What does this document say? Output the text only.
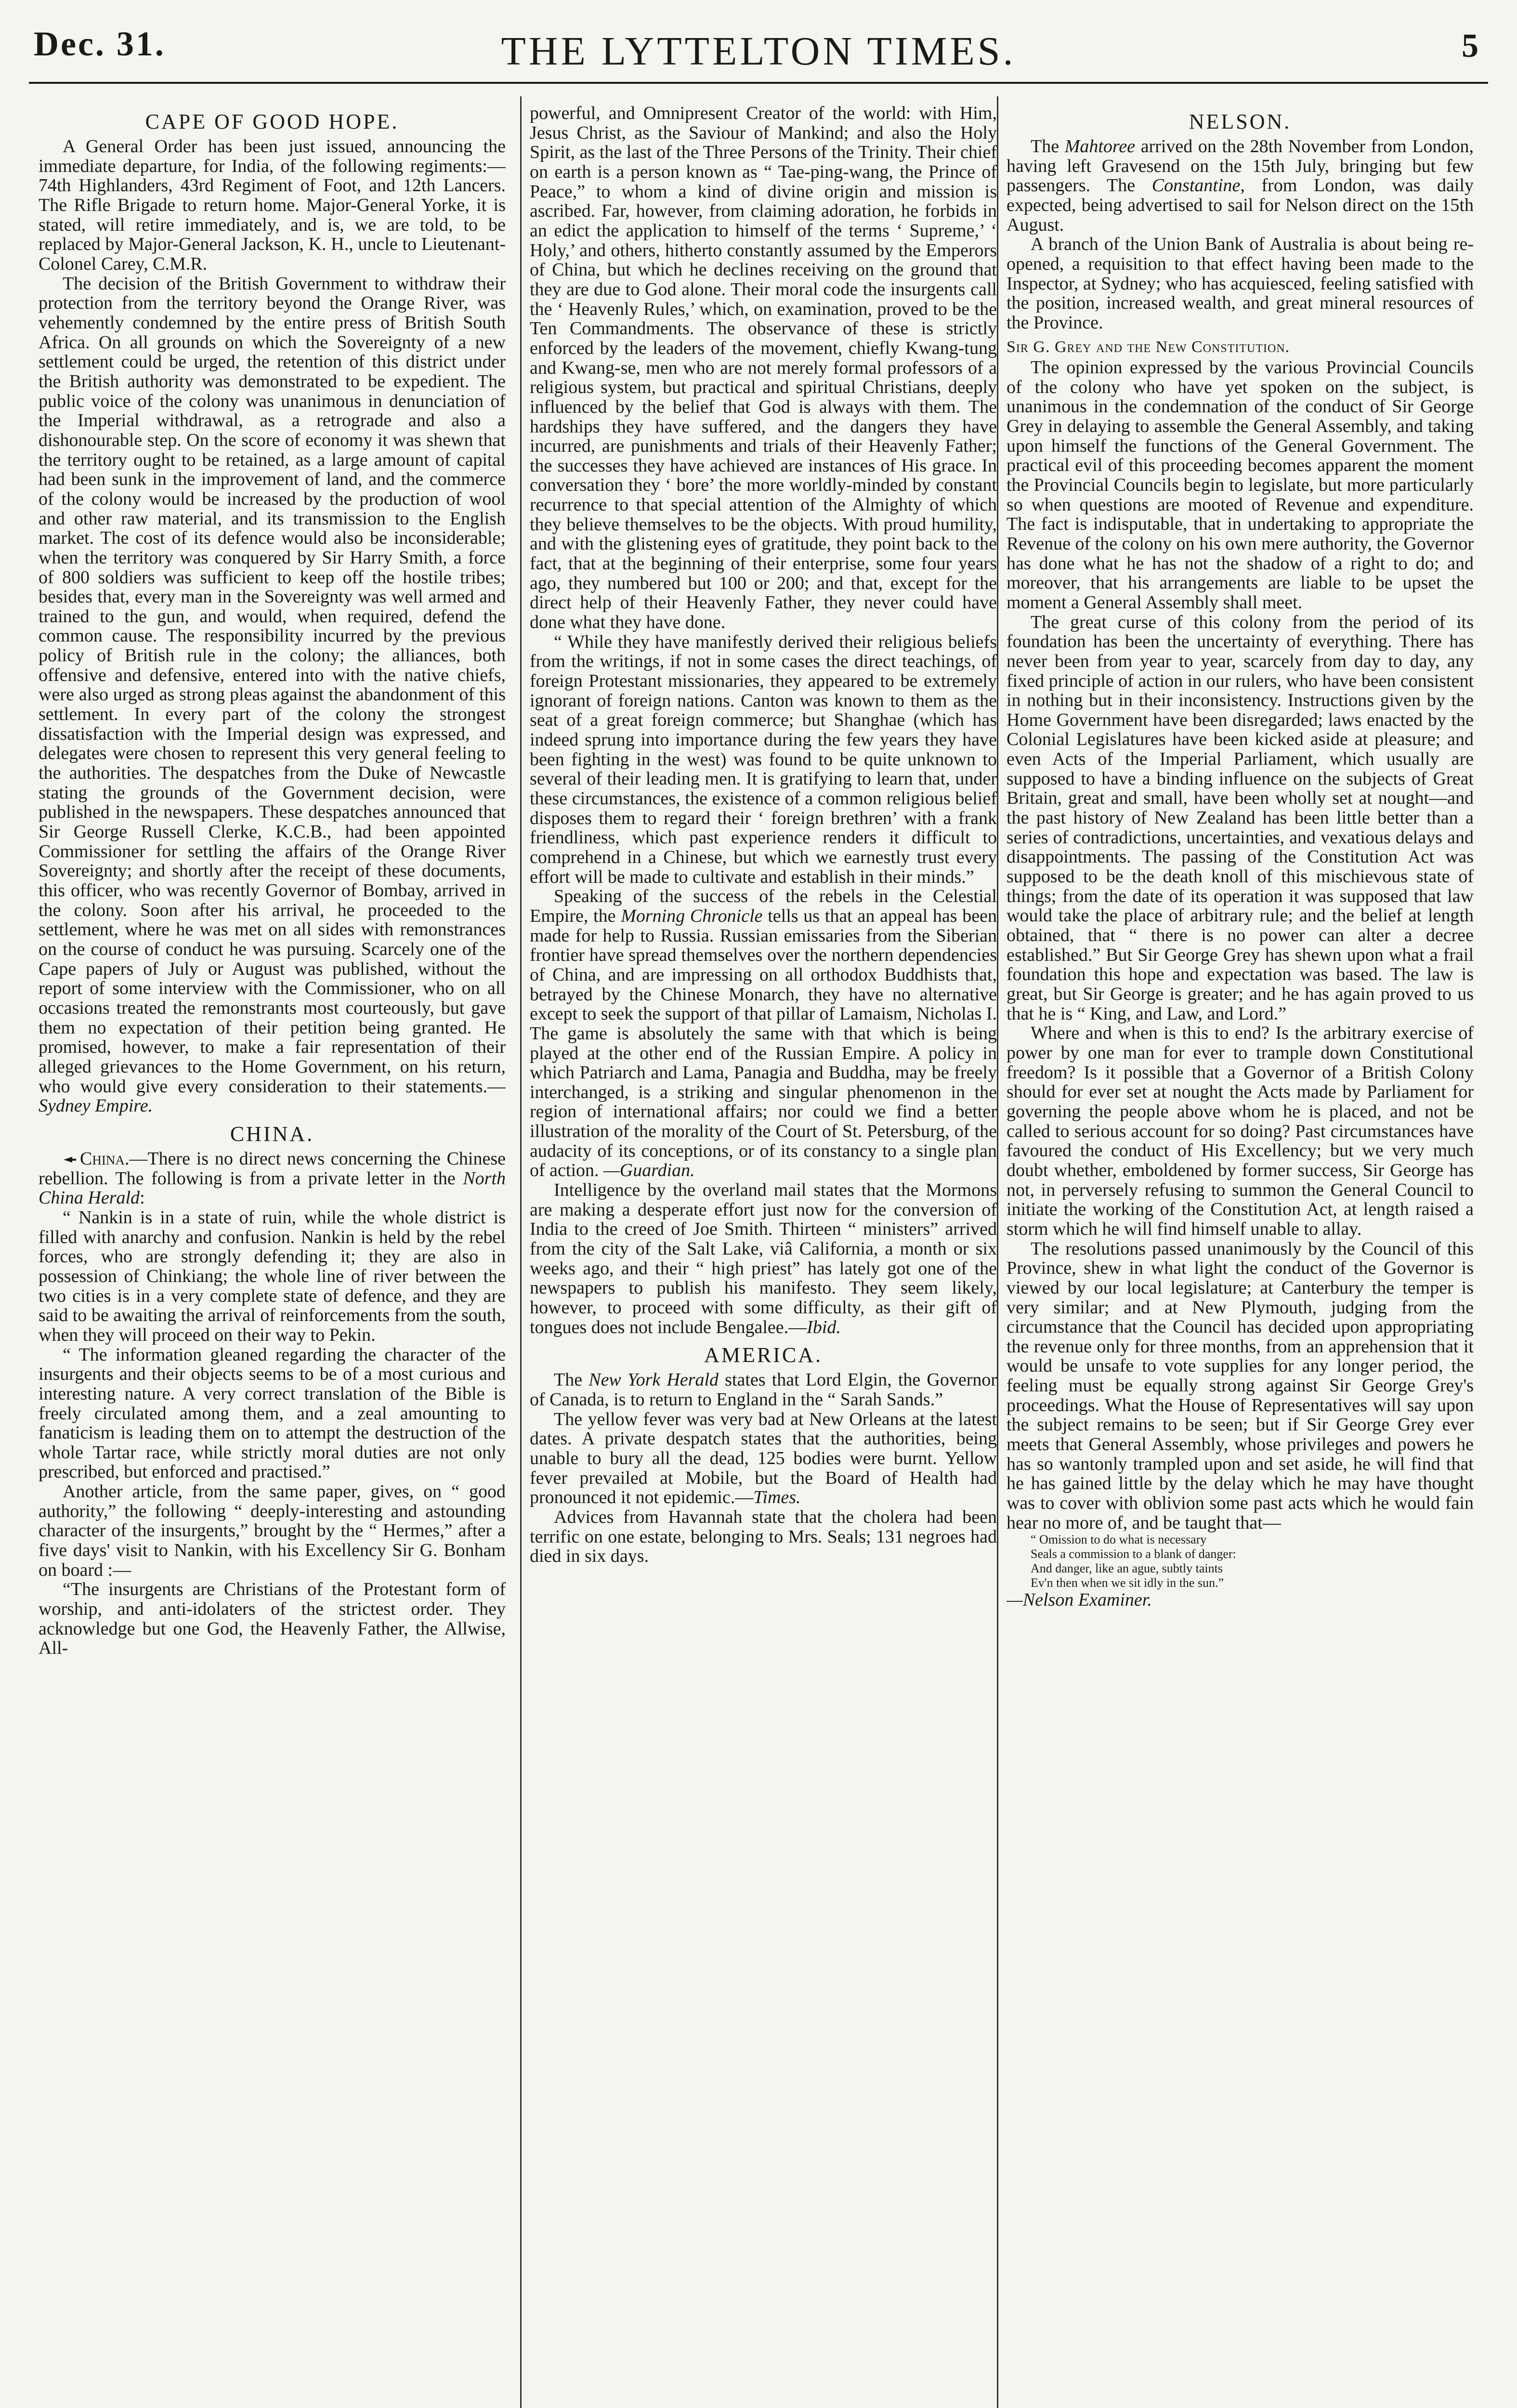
Dec. 31.	THE LYTTELTON TIMES.	5
CAPE OF GOOD HOPE.

A General Order has been just issued, announcing the immediate departure, for India, of the following regiments:—74th Highlanders, 43rd Regiment of Foot, and 12th Lancers. The Rifle Brigade to return home. Major-General Yorke, it is stated, will retire immediately, and is, we are told, to be replaced by Major-General Jackson, K. H., uncle to Lieutenant-Colonel Carey, C.M.R.

The decision of the British Government to withdraw their protection from the territory beyond the Orange River, was vehemently condemned by the entire press of British South Africa. On all grounds on which the Sovereignty of a new settlement could be urged, the retention of this district under the British authority was demonstrated to be expedient. The public voice of the colony was unanimous in denunciation of the Imperial withdrawal, as a retrograde and also a dishonourable step. On the score of economy it was shewn that the territory ought to be retained, as a large amount of capital had been sunk in the improvement of land, and the commerce of the colony would be increased by the production of wool and other raw material, and its transmission to the English market. The cost of its defence would also be inconsiderable; when the territory was conquered by Sir Harry Smith, a force of 800 soldiers was sufficient to keep off the hostile tribes; besides that, every man in the Sovereignty was well armed and trained to the gun, and would, when required, defend the common cause. The responsibility incurred by the previous policy of British rule in the colony; the alliances, both offensive and defensive, entered into with the native chiefs, were also urged as strong pleas against the abandonment of this settlement. In every part of the colony the strongest dissatisfaction with the Imperial design was expressed, and delegates were chosen to represent this very general feeling to the authorities. The despatches from the Duke of Newcastle stating the grounds of the Government decision, were published in the newspapers. These despatches announced that Sir George Russell Clerke, K.C.B., had been appointed Commissioner for settling the affairs of the Orange River Sovereignty; and shortly after the receipt of these documents, this officer, who was recently Governor of Bombay, arrived in the colony. Soon after his arrival, he proceeded to the settlement, where he was met on all sides with remonstrances on the course of conduct he was pursuing. Scarcely one of the Cape papers of July or August was published, without the report of some interview with the Commissioner, who on all occasions treated the remonstrants most courteously, but gave them no expectation of their petition being granted. He promised, however, to make a fair representation of their alleged grievances to the Home Government, on his return, who would give every consideration to their statements.— Sydney Empire.

CHINA.

China.—There is no direct news concerning the Chinese rebellion. The following is from a private letter in the North China Herald:

“ Nankin is in a state of ruin, while the whole district is filled with anarchy and confusion. Nankin is held by the rebel forces, who are strongly defending it; they are also in possession of Chinkiang; the whole line of river between the two cities is in a very complete state of defence, and they are said to be awaiting the arrival of reinforcements from the south, when they will proceed on their way to Pekin.

“ The information gleaned regarding the character of the insurgents and their objects seems to be of a most curious and interesting nature. A very correct translation of the Bible is freely circulated among them, and a zeal amounting to fanaticism is leading them on to attempt the destruction of the whole Tartar race, while strictly moral duties are not only prescribed, but enforced and practised.”

Another article, from the same paper, gives, on “ good authority,” the following “ deeply-interesting and astounding character of the insurgents,” brought by the “ Hermes,” after a five days' visit to Nankin, with his Excellency Sir G. Bonham on board :—

“The insurgents are Christians of the Protestant form of worship, and anti-idolaters of the strictest order. They acknowledge but one God, the Heavenly Father, the Allwise, All-

powerful, and Omnipresent Creator of the world: with Him, Jesus Christ, as the Saviour of Mankind; and also the Holy Spirit, as the last of the Three Persons of the Trinity. Their chief on earth is a person known as “ Tae-ping-wang, the Prince of Peace,” to whom a kind of divine origin and mission is ascribed. Far, however, from claiming adoration, he forbids in an edict the application to himself of the terms ‘ Supreme,’ ‘ Holy,’ and others, hitherto constantly assumed by the Emperors of China, but which he declines receiving on the ground that they are due to God alone. Their moral code the insurgents call the ‘ Heavenly Rules,’ which, on examination, proved to be the Ten Commandments. The observance of these is strictly enforced by the leaders of the movement, chiefly Kwang-tung and Kwang-se, men who are not merely formal professors of a religious system, but practical and spiritual Christians, deeply influenced by the belief that God is always with them. The hardships they have suffered, and the dangers they have incurred, are punishments and trials of their Heavenly Father; the successes they have achieved are instances of His grace. In conversation they ‘ bore’ the more worldly-minded by constant recurrence to that special attention of the Almighty of which they believe themselves to be the objects. With proud humility, and with the glistening eyes of gratitude, they point back to the fact, that at the beginning of their enterprise, some four years ago, they numbered but 100 or 200; and that, except for the direct help of their Heavenly Father, they never could have done what they have done.

“ While they have manifestly derived their religious beliefs from the writings, if not in some cases the direct teachings, of foreign Protestant missionaries, they appeared to be extremely ignorant of foreign nations. Canton was known to them as the seat of a great foreign commerce; but Shanghae (which has indeed sprung into importance during the few years they have been fighting in the west) was found to be quite unknown to several of their leading men. It is gratifying to learn that, under these circumstances, the existence of a common religious belief disposes them to regard their ‘ foreign brethren’ with a frank friendliness, which past experience renders it difficult to comprehend in a Chinese, but which we earnestly trust every effort will be made to cultivate and establish in their minds.”

Speaking of the success of the rebels in the Celestial Empire, the Morning Chronicle tells us that an appeal has been made for help to Russia. Russian emissaries from the Siberian frontier have spread themselves over the northern dependencies of China, and are impressing on all orthodox Buddhists that, betrayed by the Chinese Monarch, they have no alternative except to seek the support of that pillar of Lamaism, Nicholas I. The game is absolutely the same with that which is being played at the other end of the Russian Empire. A policy in which Patriarch and Lama, Panagia and Buddha, may be freely interchanged, is a striking and singular phenomenon in the region of international affairs; nor could we find a better illustration of the morality of the Court of St. Petersburg, of the audacity of its conceptions, or of its constancy to a single plan of action. —Guardian.

Intelligence by the overland mail states that the Mormons are making a desperate effort just now for the conversion of India to the creed of Joe Smith. Thirteen “ ministers” arrived from the city of the Salt Lake, viâ California, a month or six weeks ago, and their “ high priest” has lately got one of the newspapers to publish his manifesto. They seem likely, however, to proceed with some difficulty, as their gift of tongues does not include Bengalee.—Ibid.

AMERICA.

The New York Herald states that Lord Elgin, the Governor of Canada, is to return to England in the “ Sarah Sands.”

The yellow fever was very bad at New Orleans at the latest dates. A private despatch states that the authorities, being unable to bury all the dead, 125 bodies were burnt. Yellow fever prevailed at Mobile, but the Board of Health had pronounced it not epidemic.—Times.

Advices from Havannah state that the cholera had been terrific on one estate, belonging to Mrs. Seals; 131 negroes had died in six days.

NELSON.

The Mahtoree arrived on the 28th November from London, having left Gravesend on the 15th July, bringing but few passengers. The Constantine, from London, was daily expected, being advertised to sail for Nelson direct on the 15th August.

A branch of the Union Bank of Australia is about being re-opened, a requisition to that effect having been made to the Inspector, at Sydney; who has acquiesced, feeling satisfied with the position, increased wealth, and great mineral resources of the Province.

Sir G. Grey and the New Constitution.

The opinion expressed by the various Provincial Councils of the colony who have yet spoken on the subject, is unanimous in the condemnation of the conduct of Sir George Grey in delaying to assemble the General Assembly, and taking upon himself the functions of the General Government. The practical evil of this proceeding becomes apparent the moment the Provincial Councils begin to legislate, but more particularly so when questions are mooted of Revenue and expenditure. The fact is indisputable, that in undertaking to appropriate the Revenue of the colony on his own mere authority, the Governor has done what he has not the shadow of a right to do; and moreover, that his arrangements are liable to be upset the moment a General Assembly shall meet.

The great curse of this colony from the period of its foundation has been the uncertainty of everything. There has never been from year to year, scarcely from day to day, any fixed principle of action in our rulers, who have been consistent in nothing but in their inconsistency. Instructions given by the Home Government have been disregarded; laws enacted by the Colonial Legislatures have been kicked aside at pleasure; and even Acts of the Imperial Parliament, which usually are supposed to have a binding influence on the subjects of Great Britain, great and small, have been wholly set at nought—and the past history of New Zealand has been little better than a series of contradictions, uncertainties, and vexatious delays and disappointments. The passing of the Constitution Act was supposed to be the death knoll of this mischievous state of things; from the date of its operation it was supposed that law would take the place of arbitrary rule; and the belief at length obtained, that “ there is no power can alter a decree established.” But Sir George Grey has shewn upon what a frail foundation this hope and expectation was based. The law is great, but Sir George is greater; and he has again proved to us that he is “ King, and Law, and Lord.”

Where and when is this to end? Is the arbitrary exercise of power by one man for ever to trample down Constitutional freedom? Is it possible that a Governor of a British Colony should for ever set at nought the Acts made by Parliament for governing the people above whom he is placed, and not be called to serious account for so doing? Past circumstances have favoured the conduct of His Excellency; but we very much doubt whether, emboldened by former success, Sir George has not, in perversely refusing to summon the General Council to initiate the working of the Constitution Act, at length raised a storm which he will find himself unable to allay.

The resolutions passed unanimously by the Council of this Province, shew in what light the conduct of the Governor is viewed by our local legislature; at Canterbury the temper is very similar; and at New Plymouth, judging from the circumstance that the Council has decided upon appropriating the revenue only for three months, from an apprehension that it would be unsafe to vote supplies for any longer period, the feeling must be equally strong against Sir George Grey's proceedings. What the House of Representatives will say upon the subject remains to be seen; but if Sir George Grey ever meets that General Assembly, whose privileges and powers he has so wantonly trampled upon and set aside, he will find that he has gained little by the delay which he may have thought was to cover with oblivion some past acts which he would fain hear no more of, and be taught that—

“ Omission to do what is necessary

Seals a commission to a blank of danger:

And danger, like an ague, subtly taints

Ev'n then when we sit idly in the sun.”

—Nelson Examiner.
